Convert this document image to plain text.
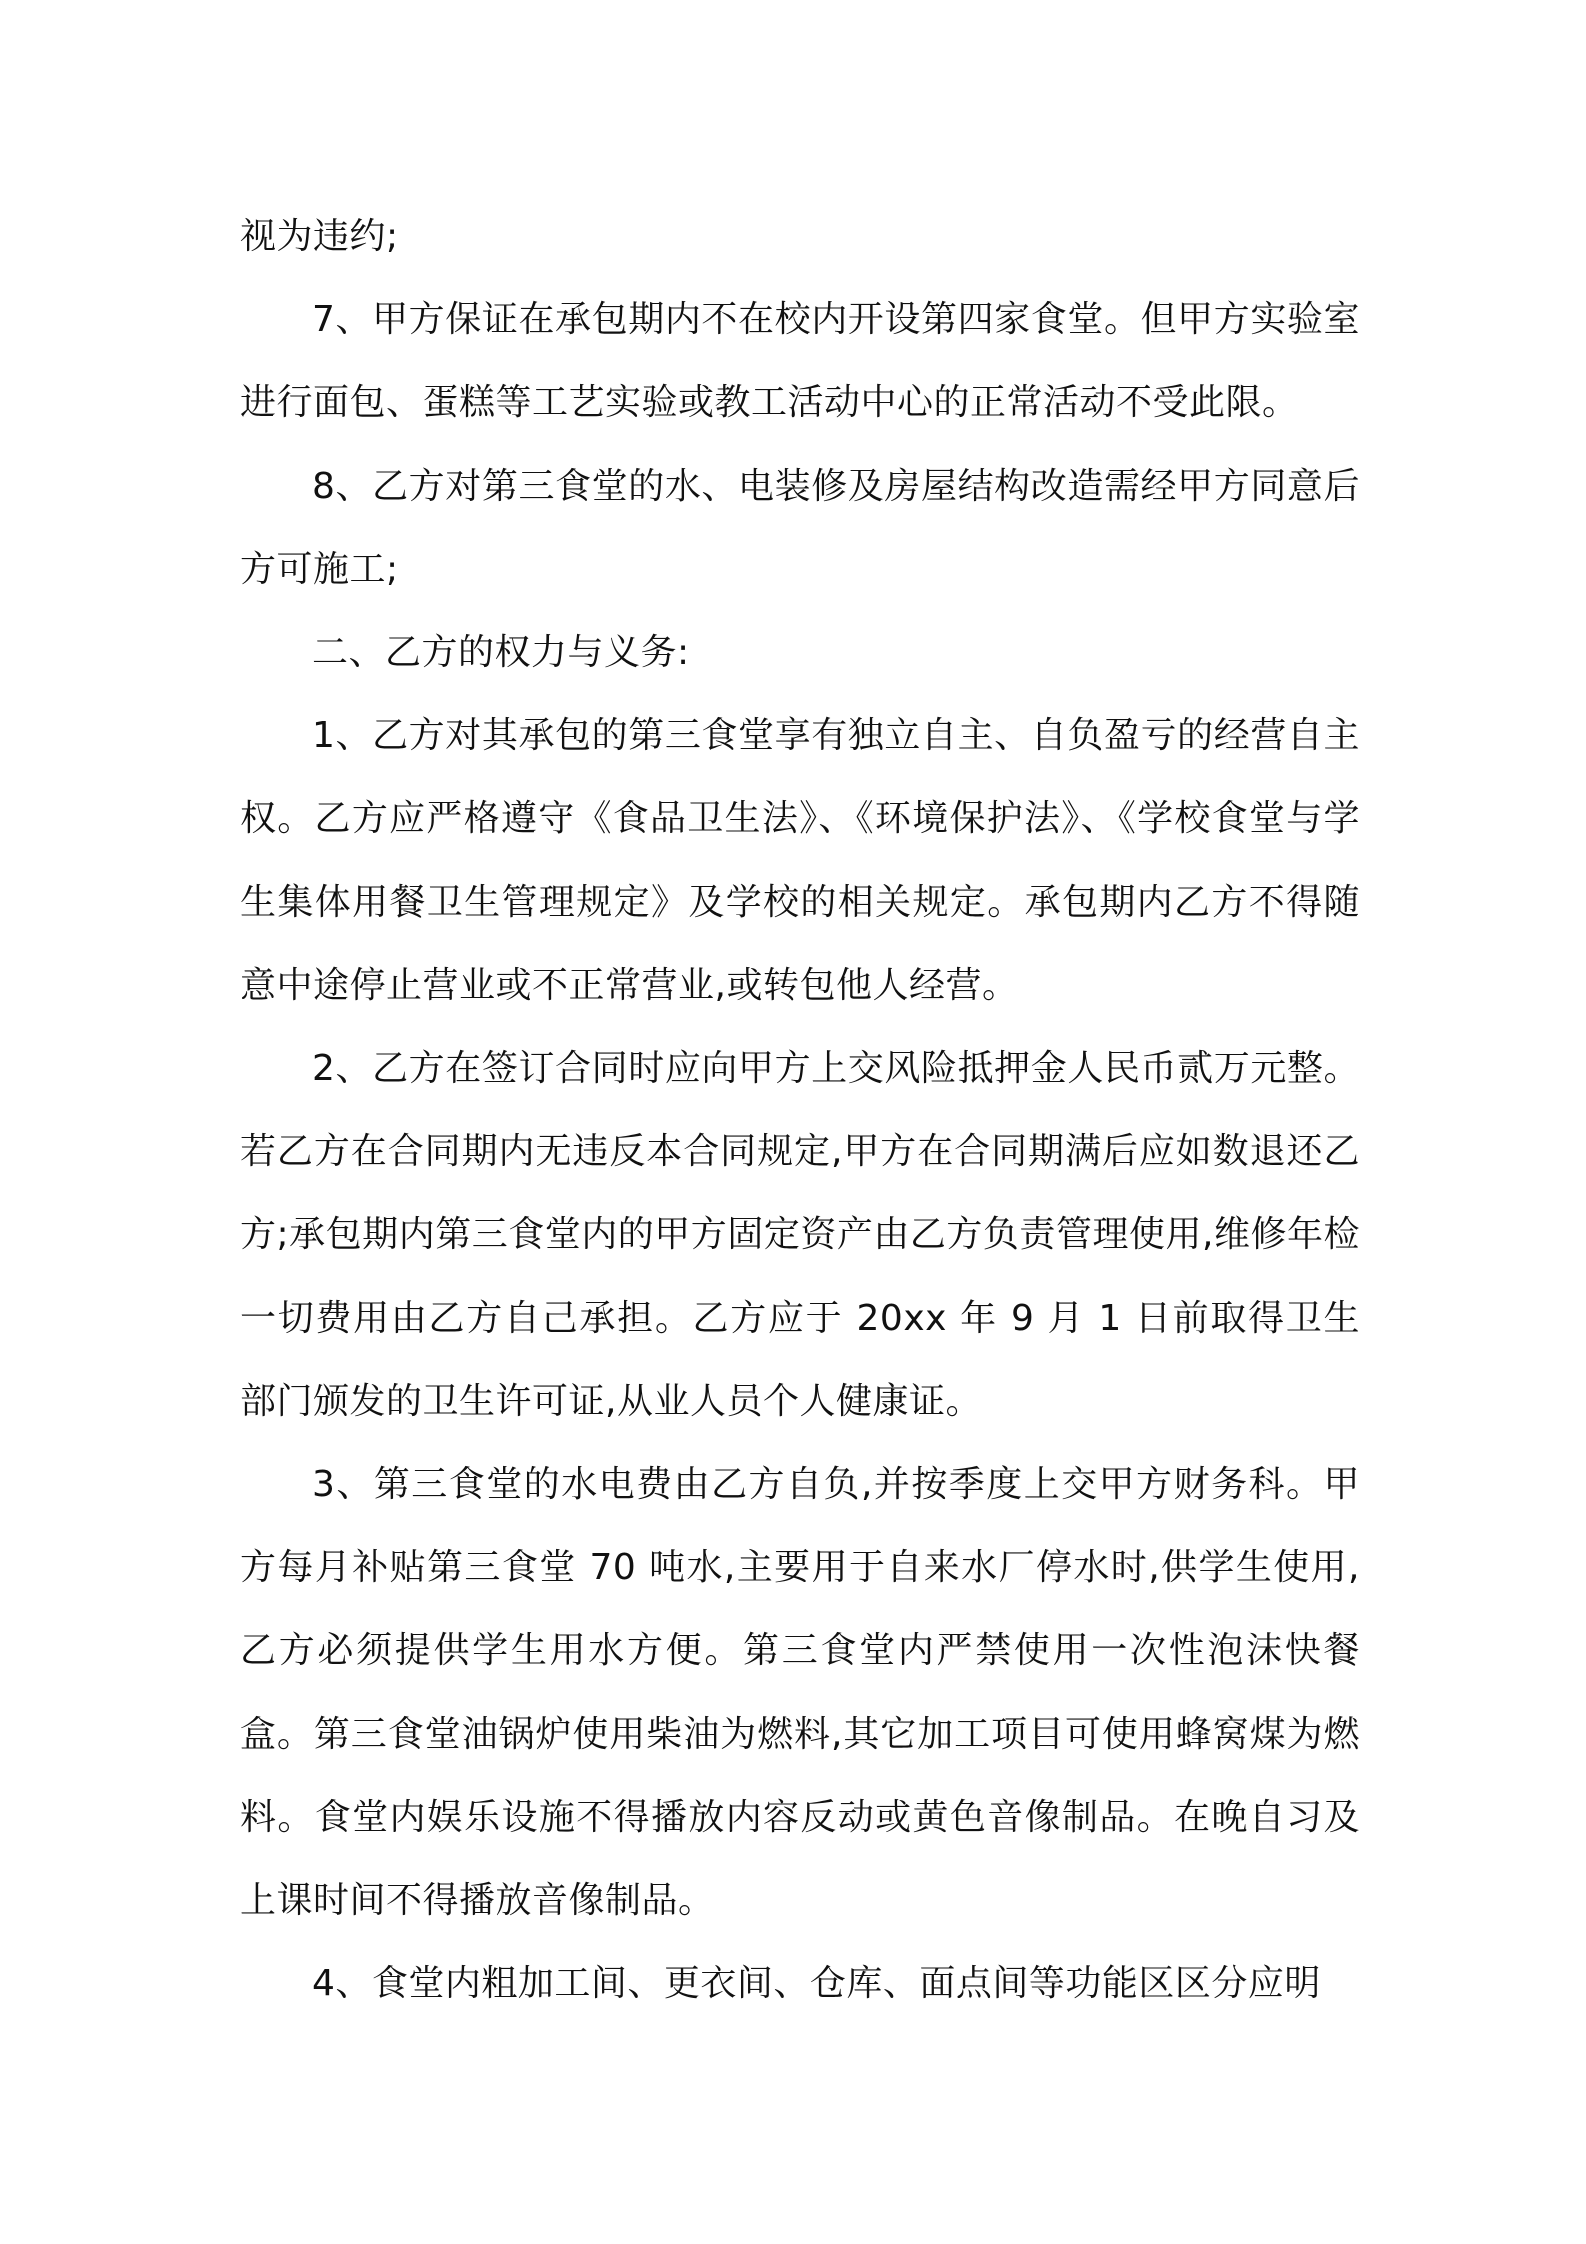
视为违约;

7、甲方保证在承包期内不在校内开设第四家食堂。但甲方实验室进行面包、蛋糕等工艺实验或教工活动中心的正常活动不受此限。

8、乙方对第三食堂的水、电装修及房屋结构改造需经甲方同意后方可施工;

二、乙方的权力与义务:

1、乙方对其承包的第三食堂享有独立自主、自负盈亏的经营自主权。乙方应严格遵守《食品卫生法》、《环境保护法》、《学校食堂与学生集体用餐卫生管理规定》及学校的相关规定。承包期内乙方不得随意中途停止营业或不正常营业,或转包他人经营。

2、乙方在签订合同时应向甲方上交风险抵押金人民币贰万元整。若乙方在合同期内无违反本合同规定,甲方在合同期满后应如数退还乙方;承包期内第三食堂内的甲方固定资产由乙方负责管理使用,维修年检一切费用由乙方自己承担。乙方应于 20xx 年 9 月 1 日前取得卫生部门颁发的卫生许可证,从业人员个人健康证。

3、第三食堂的水电费由乙方自负,并按季度上交甲方财务科。甲方每月补贴第三食堂 70 吨水,主要用于自来水厂停水时,供学生使用,乙方必须提供学生用水方便。第三食堂内严禁使用一次性泡沫快餐盒。第三食堂油锅炉使用柴油为燃料,其它加工项目可使用蜂窝煤为燃料。食堂内娱乐设施不得播放内容反动或黄色音像制品。在晚自习及上课时间不得播放音像制品。

4、食堂内粗加工间、更衣间、仓库、面点间等功能区区分应明
